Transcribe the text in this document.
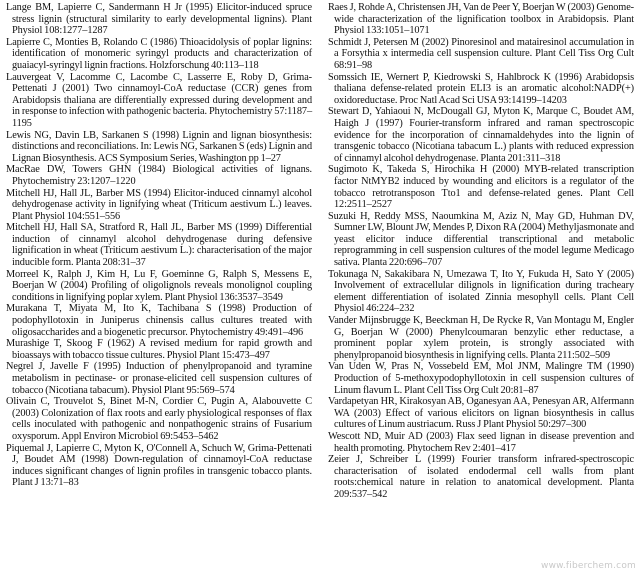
Lange BM, Lapierre C, Sandermann H Jr (1995) Elicitor-induced spruce stress lignin (structural similarity to early developmental lignins). Plant Physiol 108:1277–1287

Lapierre C, Monties B, Rolando C (1986) Thioacidolysis of poplar lignins: identification of monomeric syringyl products and characterization of guaiacyl-syringyl lignin fractions. Holzforschung 40:113–118

Lauvergeat V, Lacomme C, Lacombe C, Lasserre E, Roby D, Grima-Pettenati J (2001) Two cinnamoyl-CoA reductase (CCR) genes from Arabidopsis thaliana are differentially expressed during development and in response to infection with pathogenic bacteria. Phytochemistry 57:1187–1195

Lewis NG, Davin LB, Sarkanen S (1998) Lignin and lignan biosynthesis: distinctions and reconciliations. In: Lewis NG, Sarkanen S (eds) Lignin and Lignan Biosynthesis. ACS Symposium Series, Washington pp 1–27

MacRae DW, Towers GHN (1984) Biological activities of lignans. Phytochemistry 23:1207–1220

Mitchell HJ, Hall JL, Barber MS (1994) Elicitor-induced cinnamyl alcohol dehydrogenase activity in lignifying wheat (Triticum aestivum L.) leaves. Plant Physiol 104:551–556

Mitchell HJ, Hall SA, Stratford R, Hall JL, Barber MS (1999) Differential induction of cinnamyl alcohol dehydrogenase during defensive lignification in wheat (Triticum aestivum L.): characterisation of the major inducible form. Planta 208:31–37

Morreel K, Ralph J, Kim H, Lu F, Goeminne G, Ralph S, Messens E, Boerjan W (2004) Profiling of oligolignols reveals monolignol coupling conditions in lignifying poplar xylem. Plant Physiol 136:3537–3549

Murakana T, Miyata M, Ito K, Tachibana S (1998) Production of podophyllotoxin in Juniperus chinensis callus cultures treated with oligosaccharides and a biogenetic precursor. Phytochemistry 49:491–496

Murashige T, Skoog F (1962) A revised medium for rapid growth and bioassays with tobacco tissue cultures. Physiol Plant 15:473–497

Negrel J, Javelle F (1995) Induction of phenylpropanoid and tyramine metabolism in pectinase- or pronase-elicited cell suspension cultures of tobacco (Nicotiana tabacum). Physiol Plant 95:569–574

Olivain C, Trouvelot S, Binet M-N, Cordier C, Pugin A, Alabouvette C (2003) Colonization of flax roots and early physiological responses of flax cells inoculated with pathogenic and nonpathogenic strains of Fusarium oxysporum. Appl Environ Microbiol 69:5453–5462

Piquemal J, Lapierre C, Myton K, O'Connell A, Schuch W, Grima-Pettenati J, Boudet AM (1998) Down-regulation of cinnamoyl-CoA reductase induces significant changes of lignin profiles in transgenic tobacco plants. Plant J 13:71–83

Raes J, Rohde A, Christensen JH, Van de Peer Y, Boerjan W (2003) Genome-wide characterization of the lignification toolbox in Arabidopsis. Plant Physiol 133:1051–1071

Schmidt J, Petersen M (2002) Pinoresinol and matairesinol accumulation in a Forsythia x intermedia cell suspension culture. Plant Cell Tiss Org Cult 68:91–98

Somssich IE, Wernert P, Kiedrowski S, Hahlbrock K (1996) Arabidopsis thaliana defense-related protein ELI3 is an aromatic alcohol:NADP(+) oxidoreductase. Proc Natl Acad Sci USA 93:14199–14203

Stewart D, Yahiaoui N, McDougall GJ, Myton K, Marque C, Boudet AM, Haigh J (1997) Fourier-transform infrared and raman spectroscopic evidence for the incorporation of cinnamaldehydes into the lignin of transgenic tobacco (Nicotiana tabacum L.) plants with reduced expression of cinnamyl alcohol dehydrogenase. Planta 201:311–318

Sugimoto K, Takeda S, Hirochika H (2000) MYB-related transcription factor NtMYB2 induced by wounding and elicitors is a regulator of the tobacco retrotransposon Tto1 and defense-related genes. Plant Cell 12:2511–2527

Suzuki H, Reddy MSS, Naoumkina M, Aziz N, May GD, Huhman DV, Sumner LW, Blount JW, Mendes P, Dixon RA (2004) Methyljasmonate and yeast elicitor induce differential transcriptional and metabolic reprogramming in cell suspension cultures of the model legume Medicago sativa. Planta 220:696–707

Tokunaga N, Sakakibara N, Umezawa T, Ito Y, Fukuda H, Sato Y (2005) Involvement of extracellular dilignols in lignification during tracheary element differentiation of isolated Zinnia mesophyll cells. Plant Cell Physiol 46:224–232

Vander Mijnsbrugge K, Beeckman H, De Rycke R, Van Montagu M, Engler G, Boerjan W (2000) Phenylcoumaran benzylic ether reductase, a prominent poplar xylem protein, is strongly associated with phenylpropanoid biosynthesis in lignifying cells. Planta 211:502–509

Van Uden W, Pras N, Vossebeld EM, Mol JNM, Malingre TM (1990) Production of 5-methoxypodophyllotoxin in cell suspension cultures of Linum flavum L. Plant Cell Tiss Org Cult 20:81–87

Vardapetyan HR, Kirakosyan AB, Oganesyan AA, Penesyan AR, Alfermann WA (2003) Effect of various elicitors on lignan biosynthesis in callus cultures of Linum austriacum. Russ J Plant Physiol 50:297–300

Wescott ND, Muir AD (2003) Flax seed lignan in disease prevention and health promoting. Phytochem Rev 2:401–417

Zeier J, Schreiber L (1999) Fourier transform infrared-spectroscopic characterisation of isolated endodermal cell walls from plant roots:chemical nature in relation to anatomical development. Planta 209:537–542

www.fiberchem.com
